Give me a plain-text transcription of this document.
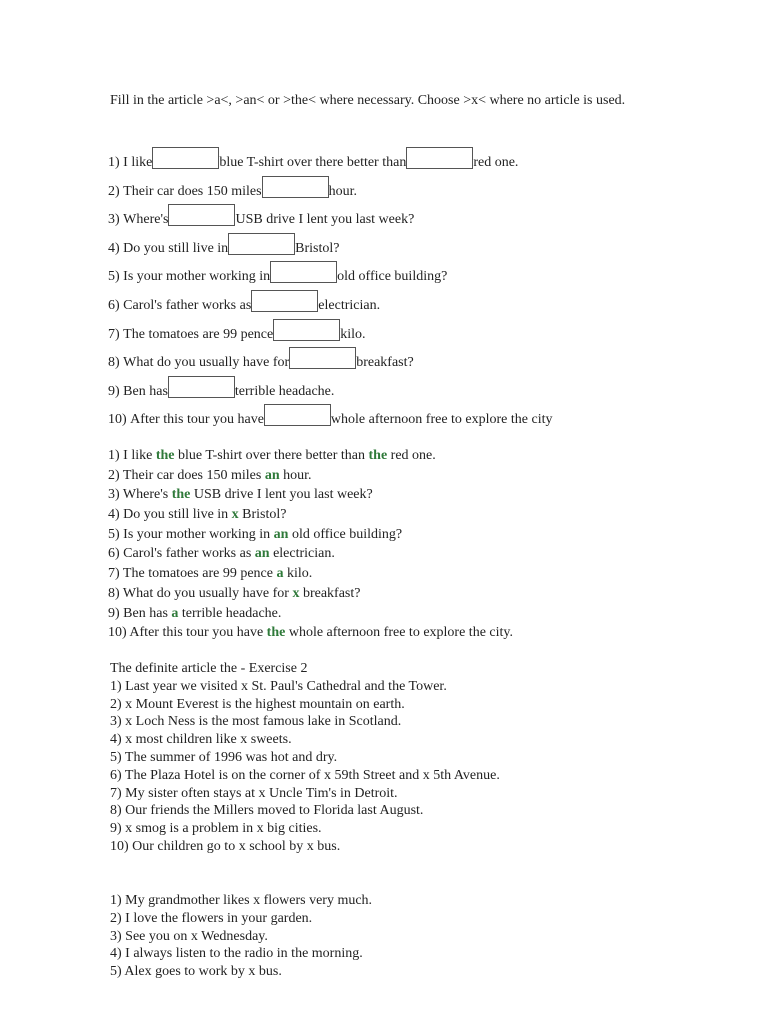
Fill in the article >a<, >an< or >the< where necessary. Choose >x< where no article is used.
1)
I like	blue T-shirt over there better than	red one.
2)
Their car does 150 miles	hour.
3)
Where's	USB drive I lent you last week?
4)
Do you still live in	Bristol?
5)
Is your mother working in	old office building?
6)
Carol's father works as	electrician.
7)
The tomatoes are 99 pence	kilo.
8)
What do you usually have for	breakfast?
9)
Ben has	terrible headache.
10)
After this tour you have	whole afternoon free to explore the city
1) I like the blue T-shirt over there better than the red one.
2) Their car does 150 miles an hour.
3) Where's the USB drive I lent you last week?
4) Do you still live in x Bristol?
5) Is your mother working in an old office building?
6) Carol's father works as an electrician.
7) The tomatoes are 99 pence a kilo.
8) What do you usually have for x breakfast?
9) Ben has a terrible headache.
10) After this tour you have the whole afternoon free to explore the city.
The definite article the - Exercise 2
1) Last year we visited x St. Paul's Cathedral and the Tower.
2) x Mount Everest is the highest mountain on earth.
3) x Loch Ness is the most famous lake in Scotland.
4) x most children like x sweets.
5) The summer of 1996 was hot and dry.
6) The Plaza Hotel is on the corner of x 59th Street and x 5th Avenue.
7) My sister often stays at x Uncle Tim's in Detroit.
8) Our friends the Millers moved to Florida last August.
9) x smog is a problem in x big cities.
10) Our children go to x school by x bus.
1) My grandmother likes x flowers very much.
2) I love the flowers in your garden.
3) See you on x Wednesday.
4) I always listen to the radio in the morning.
5) Alex goes to work by x bus.
